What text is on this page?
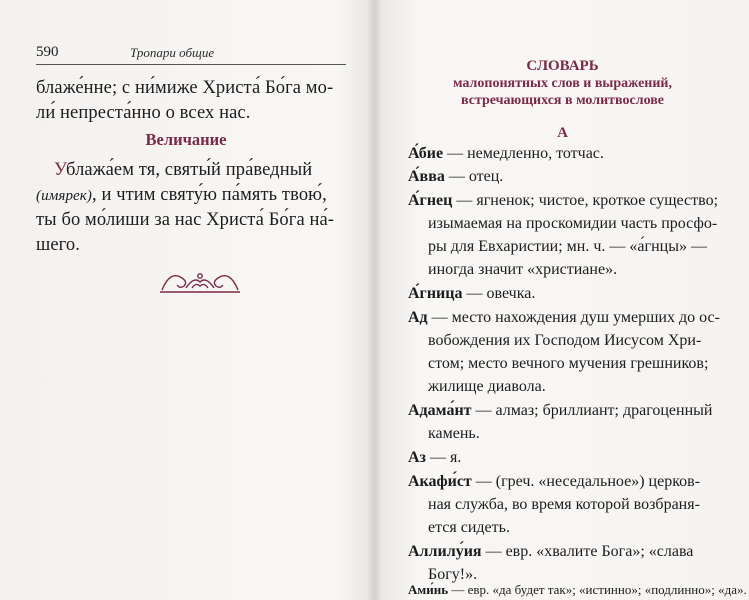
590	Тропари общие
блаже́нне; с ни́миже Христа́ Бо́га мо-
ли́ непреста́нно о всех нас.
Величание
Ублажа́ем тя, святы́й пра́ведный
(имярек), и чтим святу́ю па́мять твою́,
ты бо мо́лиши за нас Христа́ Бо́га на́-
шего.
СЛОВАРЬ
малопонятных слов и выражений,
встречающихся в молитвослове
А
А́бие — немедленно, тотчас.
А́вва — отец.
А́гнец — ягненок; чистое, кроткое существо;
изымаемая на проскомидии часть просфо-
ры для Евхаристии; мн. ч. — «а́гнцы» —
иногда значит «христиане».
А́гница — овечка.
Ад — место нахождения душ умерших до ос-
вобождения их Господом Иисусом Хри-
стом; место вечного мучения грешников;
жилище диавола.
Адама́нт — алмаз; бриллиант; драгоценный
камень.
Аз — я.
Акафи́ст — (греч. «неседальное») церков-
ная служба, во время которой возбраня-
ется сидеть.
Аллилу́ия — евр. «хвалите Бога»; «слава
Богу!».
Ами́нь — евр. «да будет так»; «истинно»; «подлинно»; «да».
